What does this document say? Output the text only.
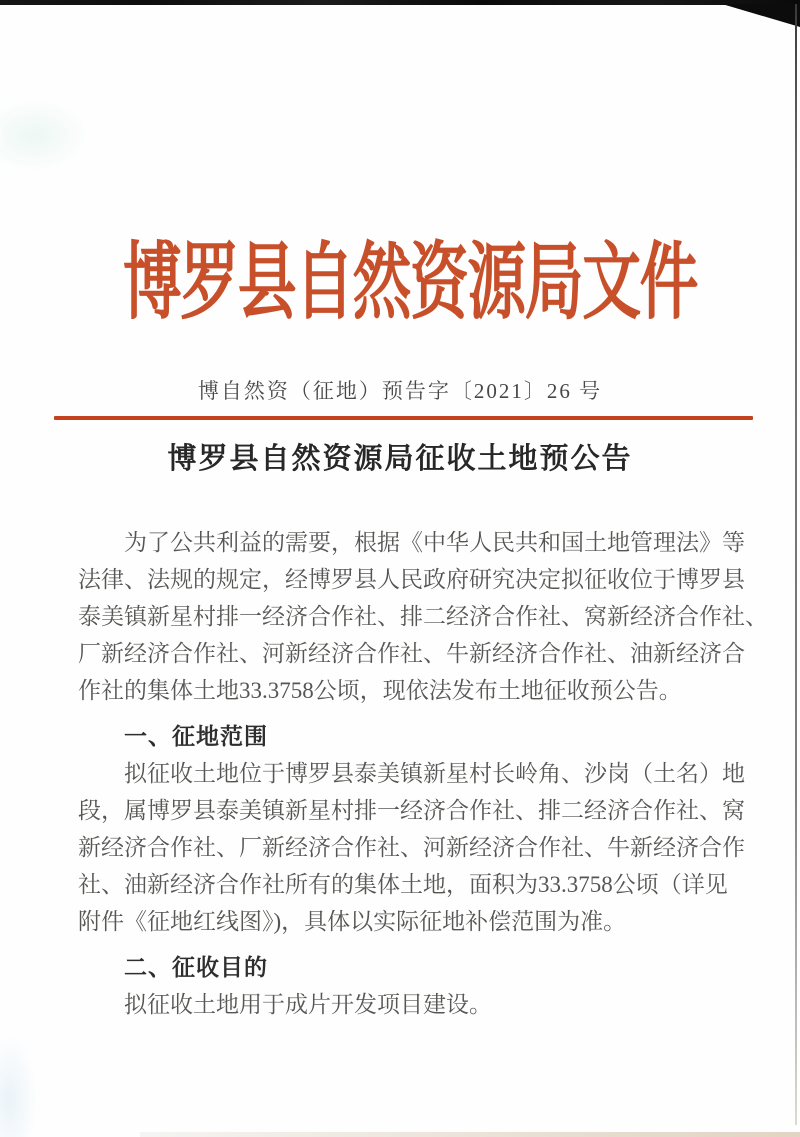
博罗县自然资源局文件
博自然资（征地）预告字〔2021〕26 号
博罗县自然资源局征收土地预公告
为了公共利益的需要，根据《中华人民共和国土地管理法》等
法律、法规的规定，经博罗县人民政府研究决定拟征收位于博罗县
泰美镇新星村排一经济合作社、排二经济合作社、窝新经济合作社、
厂新经济合作社、河新经济合作社、牛新经济合作社、油新经济合
作社的集体土地33.3758公顷，现依法发布土地征收预公告。
一、征地范围
拟征收土地位于博罗县泰美镇新星村长岭角、沙岗（土名）地
段，属博罗县泰美镇新星村排一经济合作社、排二经济合作社、窝
新经济合作社、厂新经济合作社、河新经济合作社、牛新经济合作
社、油新经济合作社所有的集体土地，面积为33.3758公顷（详见
附件《征地红线图》)，具体以实际征地补偿范围为准。
二、征收目的
拟征收土地用于成片开发项目建设。
